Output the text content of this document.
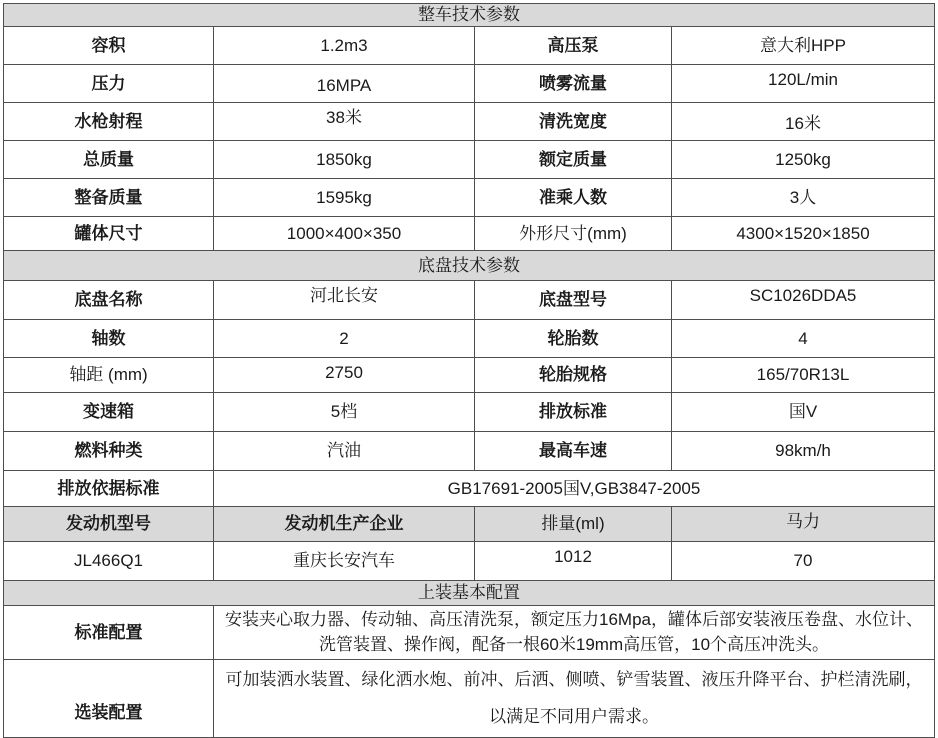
整车技术参数			
容积	1.2m3	高压泵	意大利HPP
压力	16MPA	喷雾流量	120L/min
水枪射程	38米	清洗宽度	16米
总质量	1850kg	额定质量	1250kg
整备质量	1595kg	准乘人数	3人
罐体尺寸	1000×400×350	外形尺寸(mm)	4300×1520×1850
底盘技术参数			
底盘名称	河北长安	底盘型号	SC1026DDA5
轴数	2	轮胎数	4
轴距 (mm)	2750	轮胎规格	165/70R13L
变速箱	5档	排放标准	国V
燃料种类	汽油	最高车速	98km/h
排放依据标准	GB17691-2005国V,GB3847-2005		
发动机型号	发动机生产企业	排量(ml)	马力
JL466Q1	重庆长安汽车	1012	70
上装基本配置			
标准配置	安装夹心取力器、传动轴、高压清洗泵，额定压力16Mpa，罐体后部安装液压卷盘、水位计、洗管装置、操作阀，配备一根60米19mm高压管，10个高压冲洗头。		
选装配置	可加装洒水装置、绿化洒水炮、前冲、后洒、侧喷、铲雪装置、液压升降平台、护栏清洗刷，以满足不同用户需求。		
